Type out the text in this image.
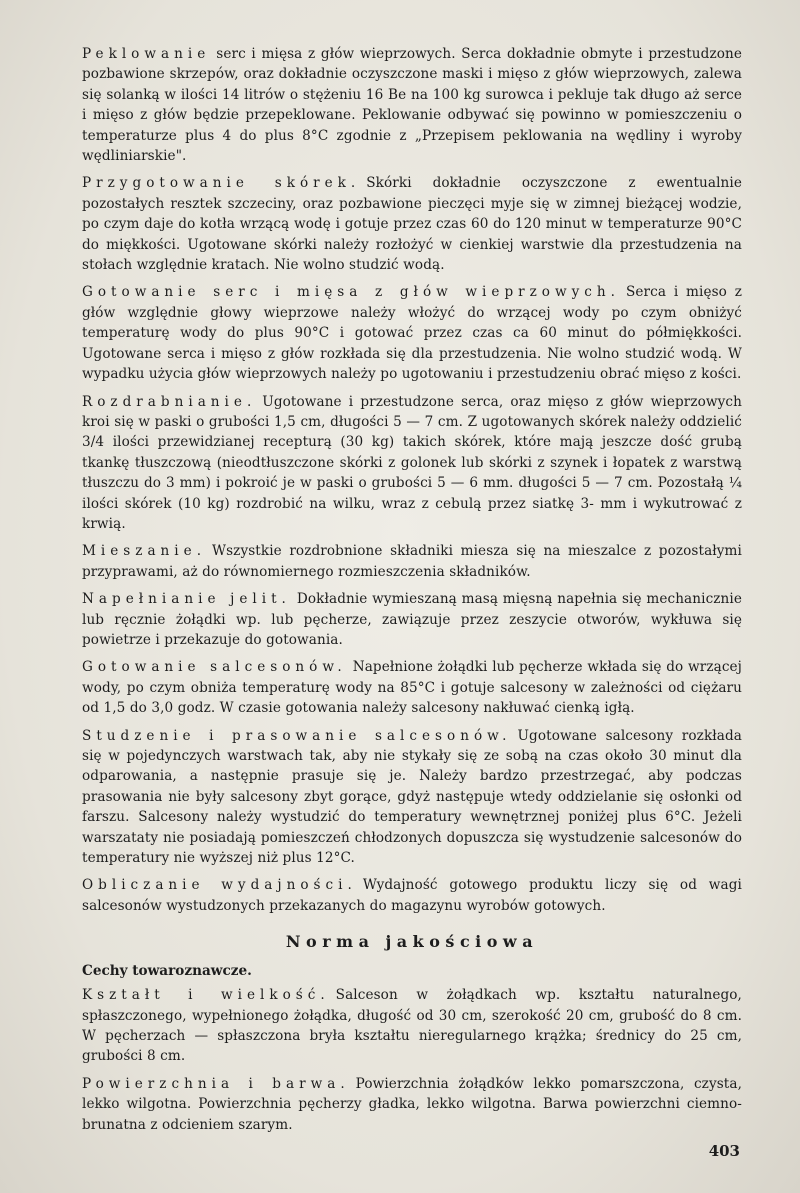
Peklowanie serc i mięsa z głów wieprzowych. Serca dokładnie obmyte i przestudzone pozbawione skrzepów, oraz dokładnie oczyszczone maski i mięso z głów wieprzowych, zalewa się solanką w ilości 14 litrów o stężeniu 16 Be na 100 kg surowca i pekluje tak długo aż serce i mięso z głów będzie przepeklowane. Peklowanie odbywać się powinno w pomieszczeniu o temperaturze plus 4 do plus 8°C zgodnie z „Przepisem peklowania na wędliny i wyroby wędliniarskie".

Przygotowanie skórek. Skórki dokładnie oczyszczone z ewentualnie pozostałych resztek szczeciny, oraz pozbawione pieczęci myje się w zimnej bieżącej wodzie, po czym daje do kotła wrzącą wodę i gotuje przez czas 60 do 120 minut w temperaturze 90°C do miękkości. Ugotowane skórki należy rozłożyć w cienkiej warstwie dla przestudzenia na stołach względnie kratach. Nie wolno studzić wodą.

Gotowanie serc i mięsa z głów wieprzowych. Serca i mięso z głów względnie głowy wieprzowe należy włożyć do wrzącej wody po czym obniżyć temperaturę wody do plus 90°C i gotować przez czas ca 60 minut do półmiękkości. Ugotowane serca i mięso z głów rozkłada się dla przestudzenia. Nie wolno studzić wodą. W wypadku użycia głów wieprzowych należy po ugotowaniu i przestudzeniu obrać mięso z kości.

Rozdrabnianie. Ugotowane i przestudzone serca, oraz mięso z głów wieprzowych kroi się w paski o grubości 1,5 cm, długości 5 — 7 cm. Z ugotowanych skórek należy oddzielić 3/4 ilości przewidzianej recepturą (30 kg) takich skórek, które mają jeszcze dość grubą tkankę tłuszczową (nieodtłuszczone skórki z golonek lub skórki z szynek i łopatek z warstwą tłuszczu do 3 mm) i pokroić je w paski o grubości 5 — 6 mm. długości 5 — 7 cm. Pozostałą ¼ ilości skórek (10 kg) rozdrobić na wilku, wraz z cebulą przez siatkę 3- mm i wykutrować z krwią.

Mieszanie. Wszystkie rozdrobnione składniki miesza się na mieszalce z pozostałymi przyprawami, aż do równomiernego rozmieszczenia składników.

Napełnianie jelit. Dokładnie wymieszaną masą mięsną napełnia się mechanicznie lub ręcznie żołądki wp. lub pęcherze, zawiązuje przez zeszycie otworów, wykłuwa się powietrze i przekazuje do gotowania.

Gotowanie salcesonów. Napełnione żołądki lub pęcherze wkłada się do wrzącej wody, po czym obniża temperaturę wody na 85°C i gotuje salcesony w zależności od ciężaru od 1,5 do 3,0 godz. W czasie gotowania należy salcesony nakłuwać cienką igłą.

Studzenie i prasowanie salcesonów. Ugotowane salcesony rozkłada się w pojedynczych warstwach tak, aby nie stykały się ze sobą na czas około 30 minut dla odparowania, a następnie prasuje się je. Należy bardzo przestrzegać, aby podczas prasowania nie były salcesony zbyt gorące, gdyż następuje wtedy oddzielanie się osłonki od farszu. Salcesony należy wystudzić do temperatury wewnętrznej poniżej plus 6°C. Jeżeli warszataty nie posiadają pomieszczeń chłodzonych dopuszcza się wystudzenie salcesonów do temperatury nie wyższej niż plus 12°C.

Obliczanie wydajności. Wydajność gotowego produktu liczy się od wagi salcesonów wystudzonych przekazanych do magazynu wyrobów gotowych.

Norma jakościowa
Cechy towaroznawcze.

Kształt i wielkość. Salceson w żołądkach wp. kształtu naturalnego, spłaszczonego, wypełnionego żołądka, długość od 30 cm, szerokość 20 cm, grubość do 8 cm. W pęcherzach — spłaszczona bryła kształtu nieregularnego krążka; średnicy do 25 cm, grubości 8 cm.

Powierzchnia i barwa. Powierzchnia żołądków lekko pomarszczona, czysta, lekko wilgotna. Powierzchnia pęcherzy gładka, lekko wilgotna. Barwa powierzchni ciemno-brunatna z odcieniem szarym.

403
